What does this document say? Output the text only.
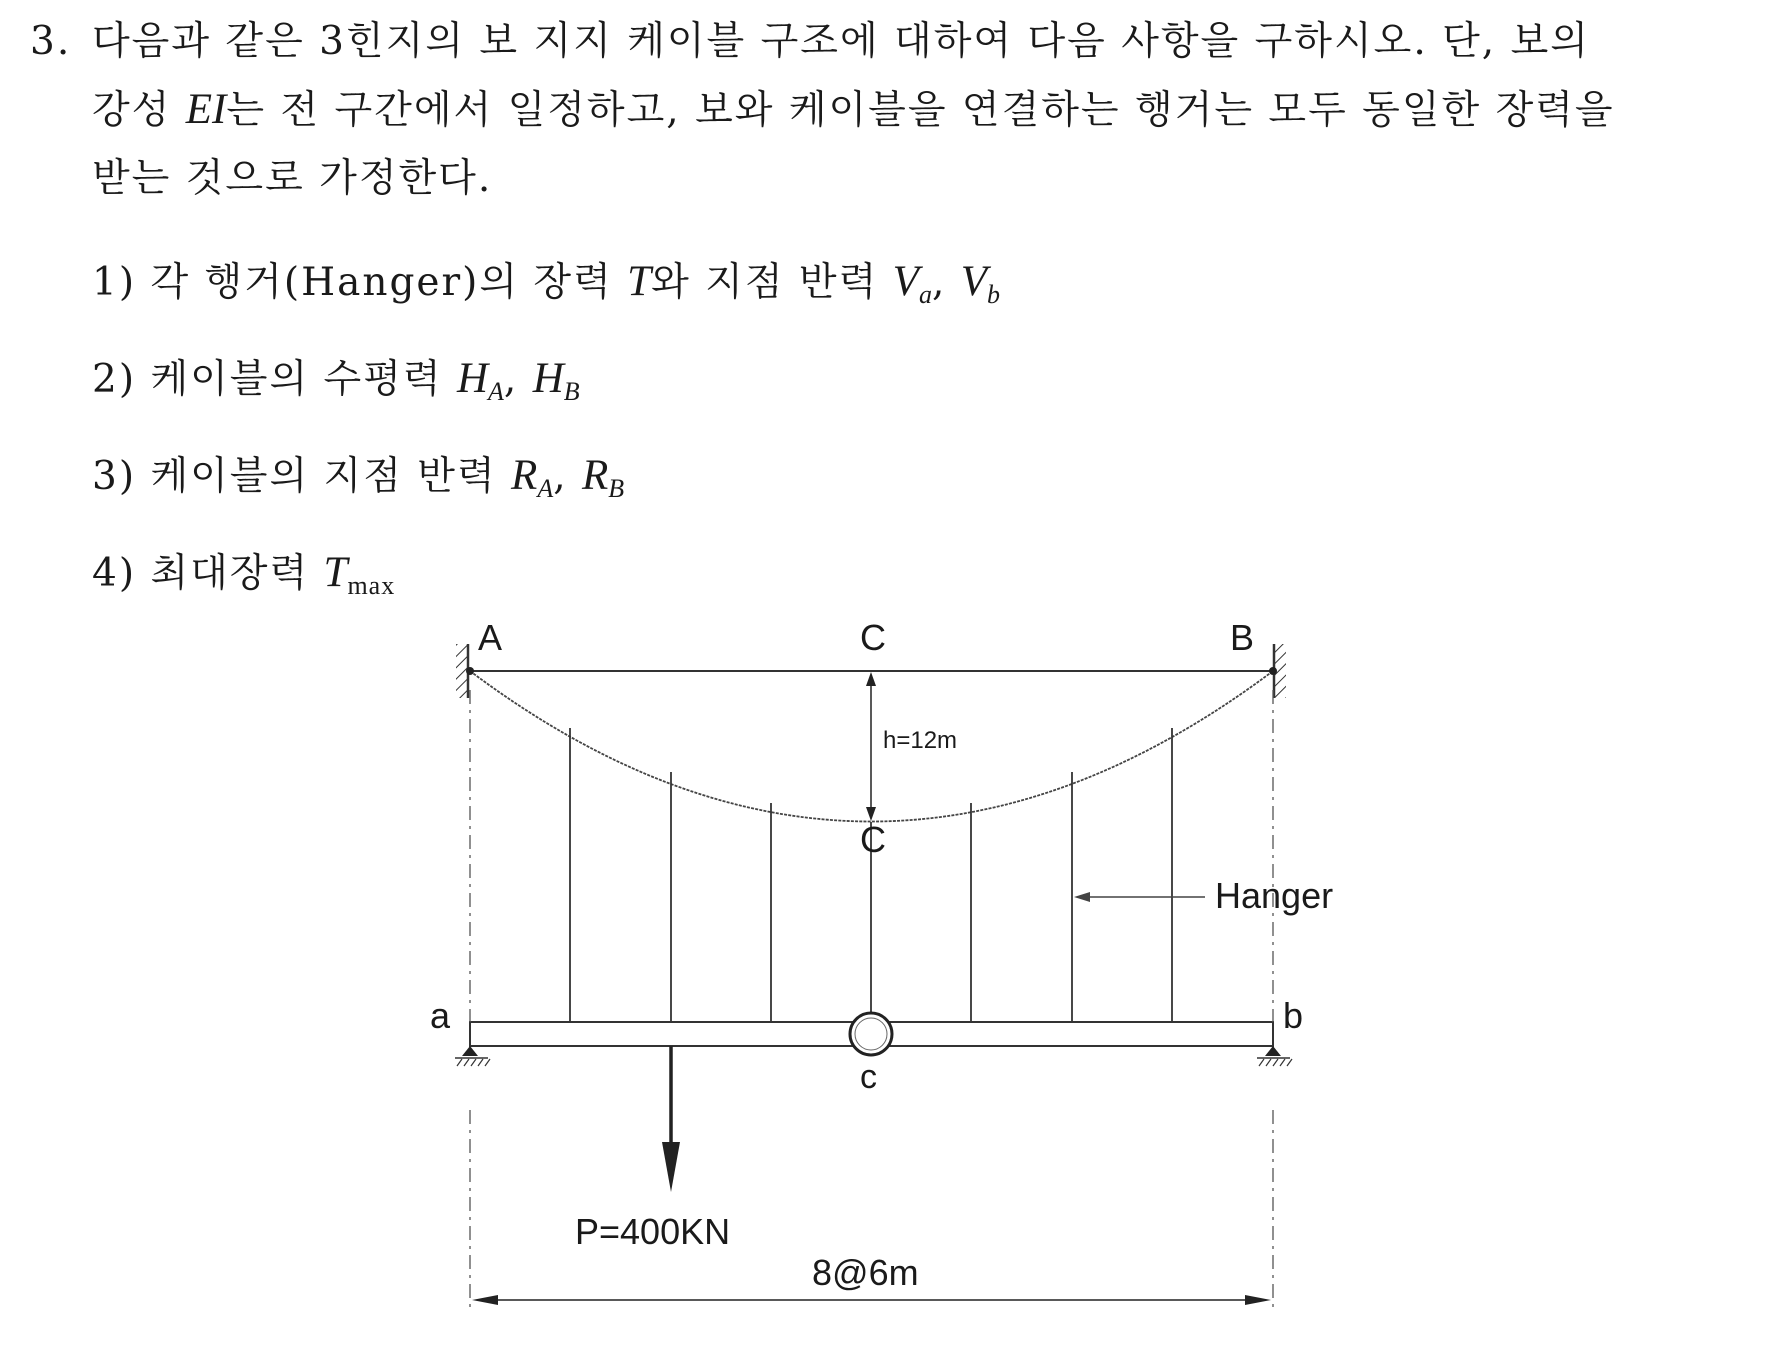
3. 다음과 같은 3힌지의 보 지지 케이블 구조에 대하여 다음 사항을 구하시오. 단, 보의
강성 EI는 전 구간에서 일정하고, 보와 케이블을 연결하는 행거는 모두 동일한 장력을
받는 것으로 가정한다.
1) 각 행거(Hanger)의 장력 T와 지점 반력 $V_a$, $V_b$
2) 케이블의 수평력 $H_A$, $H_B$
3) 케이블의 지점 반력 $R_A$, $R_B$
4) 최대장력 $T_{max}$
A	C	B
h=12m
C
Hanger
a	b
c
P=400KN
8@6m
